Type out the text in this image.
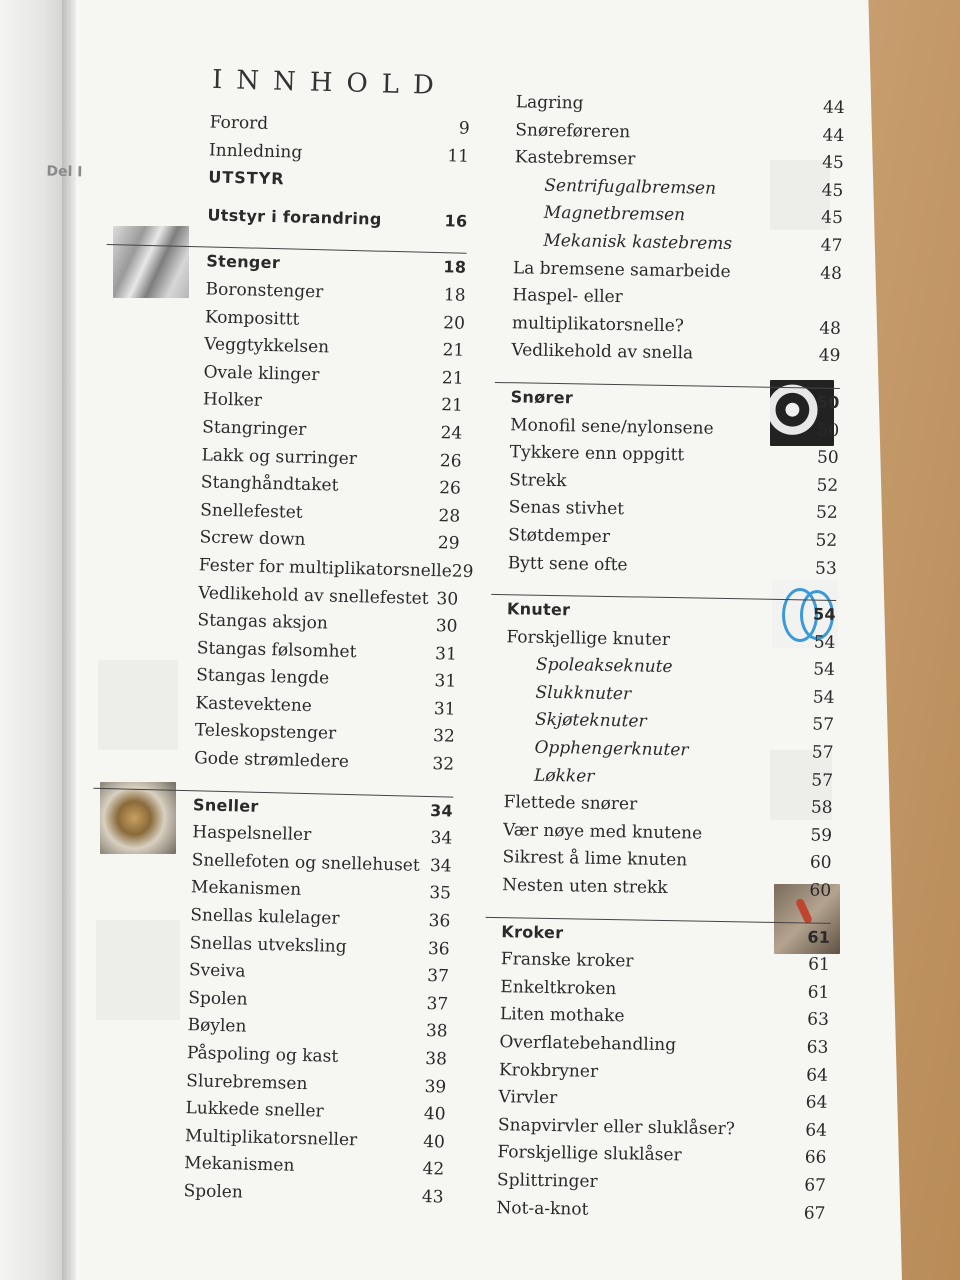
INNHOLD
Forord	9
Innledning	11
Del I	UTSTYR
Utstyr i forandring	16
Stenger	18
Boronstenger	18
Komposittt	20
Veggtykkelsen	21
Ovale klinger	21
Holker	21
Stangringer	24
Lakk og surringer	26
Stanghåndtaket	26
Snellefestet	28
Screw down	29
Fester for multiplikatorsnelle 29
Vedlikehold av snellefestet 30
Stangas aksjon	30
Stangas følsomhet	31
Stangas lengde	31
Kastevektene	31
Teleskopstenger	32
Gode strømledere	32
Sneller	34
Haspelsneller	34
Snellefoten og snellehuset 34
Mekanismen	35
Snellas kulelager	36
Snellas utveksling	36
Sveiva	37
Spolen	37
Bøylen	38
Påspoling og kast	38
Slurebremsen	39
Lukkede sneller	40
Multiplikatorsneller	40
Mekanismen	42
Spolen	43
Lagring	44
Snøreføreren	44
Kastebremser	45
Sentrifugalbremsen	45
Magnetbremsen	45
Mekanisk kastebrems	47
La bremsene samarbeide	48
Haspel- eller
multiplikatorsnelle?	48
Vedlikehold av snella	49
Snører	50
Monofil sene/nylonsene	50
Tykkere enn oppgitt	50
Strekk	52
Senas stivhet	52
Støtdemper	52
Bytt sene ofte	53
Knuter	54
Forskjellige knuter	54
Spoleakseknute	54
Slukknuter	54
Skjøteknuter	57
Opphengerknuter	57
Løkker	57
Flettede snører	58
Vær nøye med knutene	59
Sikrest å lime knuten	60
Nesten uten strekk	60
Kroker	61
Franske kroker	61
Enkeltkroken	61
Liten mothake	63
Overflatebehandling	63
Krokbryner	64
Virvler	64
Snapvirvler eller sluklåser?	64
Forskjellige sluklåser	66
Splittringer	67
Not-a-knot	67
